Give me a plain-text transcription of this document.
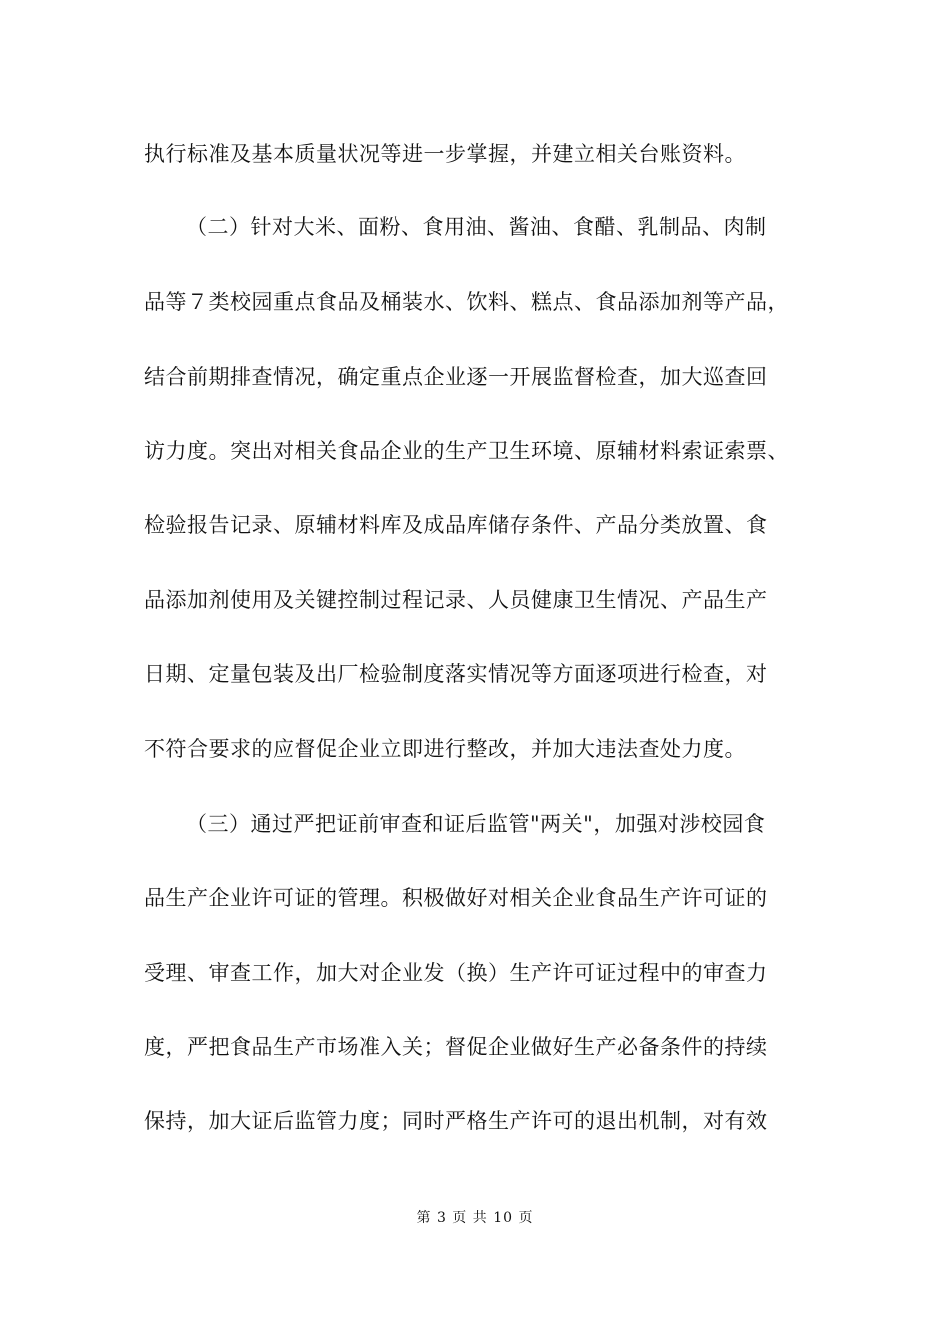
执行标准及基本质量状况等进一步掌握，并建立相关台账资料。
（二）针对大米、面粉、食用油、酱油、食醋、乳制品、肉制
品等７类校园重点食品及桶装水、饮料、糕点、食品添加剂等产品，
结合前期排查情况，确定重点企业逐一开展监督检查，加大巡查回
访力度。突出对相关食品企业的生产卫生环境、原辅材料索证索票、
检验报告记录、原辅材料库及成品库储存条件、产品分类放置、食
品添加剂使用及关键控制过程记录、人员健康卫生情况、产品生产
日期、定量包装及出厂检验制度落实情况等方面逐项进行检查，对
不符合要求的应督促企业立即进行整改，并加大违法查处力度。
（三）通过严把证前审查和证后监管"两关"，加强对涉校园食
品生产企业许可证的管理。积极做好对相关企业食品生产许可证的
受理、审查工作，加大对企业发（换）生产许可证过程中的审查力
度，严把食品生产市场准入关；督促企业做好生产必备条件的持续
保持，加大证后监管力度；同时严格生产许可的退出机制，对有效
第 3 页 共 10 页
